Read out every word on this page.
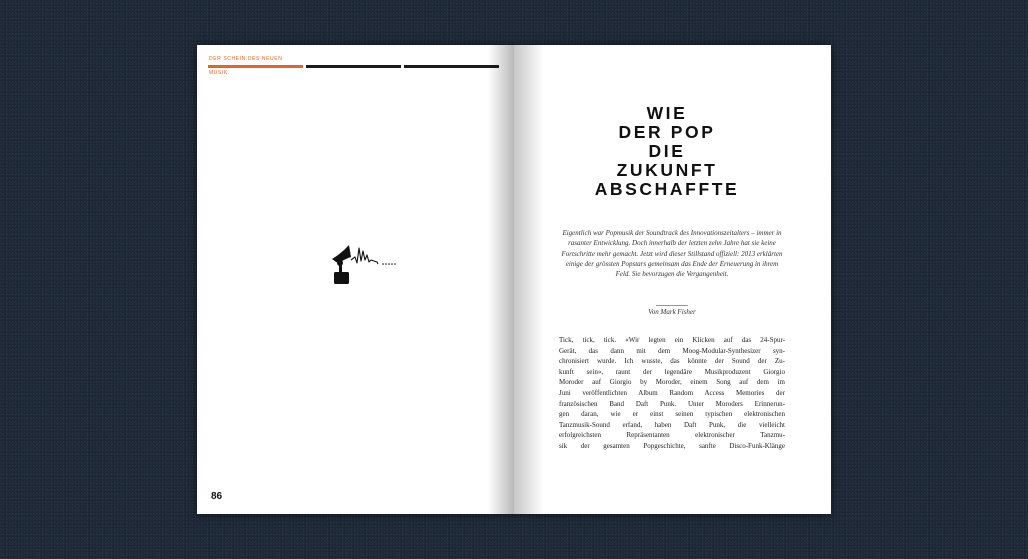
DER SCHEIN DES NEUEN
MUSIK
86
WIE
DER POP
DIE
ZUKUNFT
ABSCHAFFTE
Eigentlich war Popmusik der Soundtrack des Innovationszeitalters – immer in rasanter Entwicklung. Doch innerhalb der letzten zehn Jahre hat sie keine Fortschritte mehr gemacht. Jetzt wird dieser Stillstand offiziell: 2013 erklärten einige der grössten Popstars gemeinsam das Ende der Erneuerung in ihrem Feld. Sie bevorzugen die Vergangenheit.
Von Mark Fisher
Tick, tick, tick. «Wir legten ein Klicken auf das 24-Spur-
Gerät, das dann mit dem Moog-Modular-Synthesizer syn-
chronisiert wurde. Ich wusste, das könnte der Sound der Zu-
kunft sein», raunt der legendäre Musikproduzent Giorgio
Moroder auf Giorgio by Moroder, einem Song auf dem im
Juni veröffentlichten Album Random Access Memories der
französischen Band Daft Punk. Unter Moroders Erinnerun-
gen daran, wie er einst seinen typischen elektronischen
Tanzmusik-Sound erfand, haben Daft Punk, die vielleicht
erfolgreichsten Repräsentanten elektronischer Tanzmu-
sik der gesamten Popgeschichte, sanfte Disco-Funk-Klänge
